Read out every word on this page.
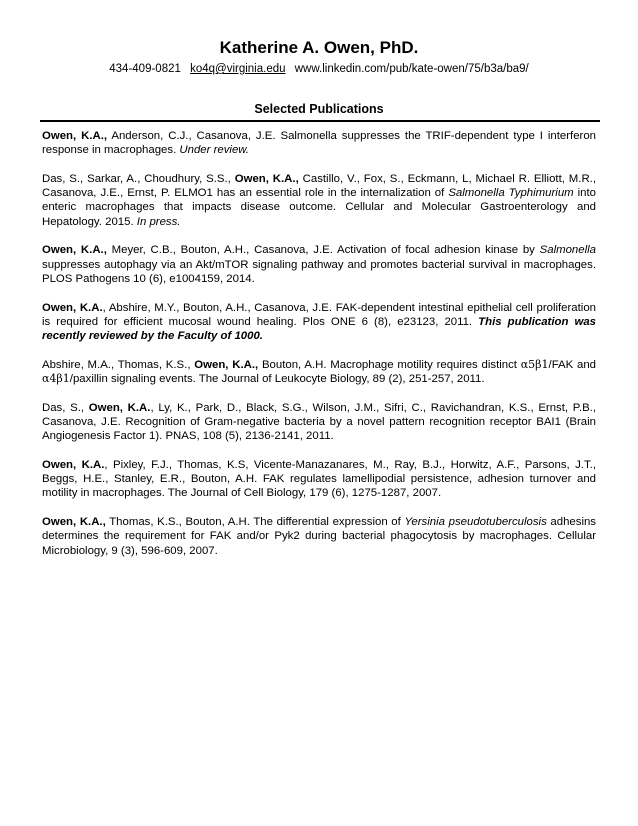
Katherine A. Owen, PhD.
434-409-0821 ko4q@virginia.edu www.linkedin.com/pub/kate-owen/75/b3a/ba9/
Selected Publications

Owen, K.A., Anderson, C.J., Casanova, J.E. Salmonella suppresses the TRIF-dependent type I interferon response in macrophages. Under review.

Das, S., Sarkar, A., Choudhury, S.S., Owen, K.A., Castillo, V., Fox, S., Eckmann, L, Michael R. Elliott, M.R., Casanova, J.E., Ernst, P. ELMO1 has an essential role in the internalization of Salmonella Typhimurium into enteric macrophages that impacts disease outcome. Cellular and Molecular Gastroenterology and Hepatology. 2015. In press.

Owen, K.A., Meyer, C.B., Bouton, A.H., Casanova, J.E. Activation of focal adhesion kinase by Salmonella suppresses autophagy via an Akt/mTOR signaling pathway and promotes bacterial survival in macrophages. PLOS Pathogens 10 (6), e1004159, 2014.

Owen, K.A., Abshire, M.Y., Bouton, A.H., Casanova, J.E. FAK-dependent intestinal epithelial cell proliferation is required for efficient mucosal wound healing. Plos ONE 6 (8), e23123, 2011. This publication was recently reviewed by the Faculty of 1000.

Abshire, M.A., Thomas, K.S., Owen, K.A., Bouton, A.H. Macrophage motility requires distinct α5β1/FAK and α4β1/paxillin signaling events. The Journal of Leukocyte Biology, 89 (2), 251-257, 2011.

Das, S., Owen, K.A., Ly, K., Park, D., Black, S.G., Wilson, J.M., Sifri, C., Ravichandran, K.S., Ernst, P.B., Casanova, J.E. Recognition of Gram-negative bacteria by a novel pattern recognition receptor BAI1 (Brain Angiogenesis Factor 1). PNAS, 108 (5), 2136-2141, 2011.

Owen, K.A., Pixley, F.J., Thomas, K.S, Vicente-Manazanares, M., Ray, B.J., Horwitz, A.F., Parsons, J.T., Beggs, H.E., Stanley, E.R., Bouton, A.H. FAK regulates lamellipodial persistence, adhesion turnover and motility in macrophages. The Journal of Cell Biology, 179 (6), 1275-1287, 2007.

Owen, K.A., Thomas, K.S., Bouton, A.H. The differential expression of Yersinia pseudotuberculosis adhesins determines the requirement for FAK and/or Pyk2 during bacterial phagocytosis by macrophages. Cellular Microbiology, 9 (3), 596-609, 2007.
